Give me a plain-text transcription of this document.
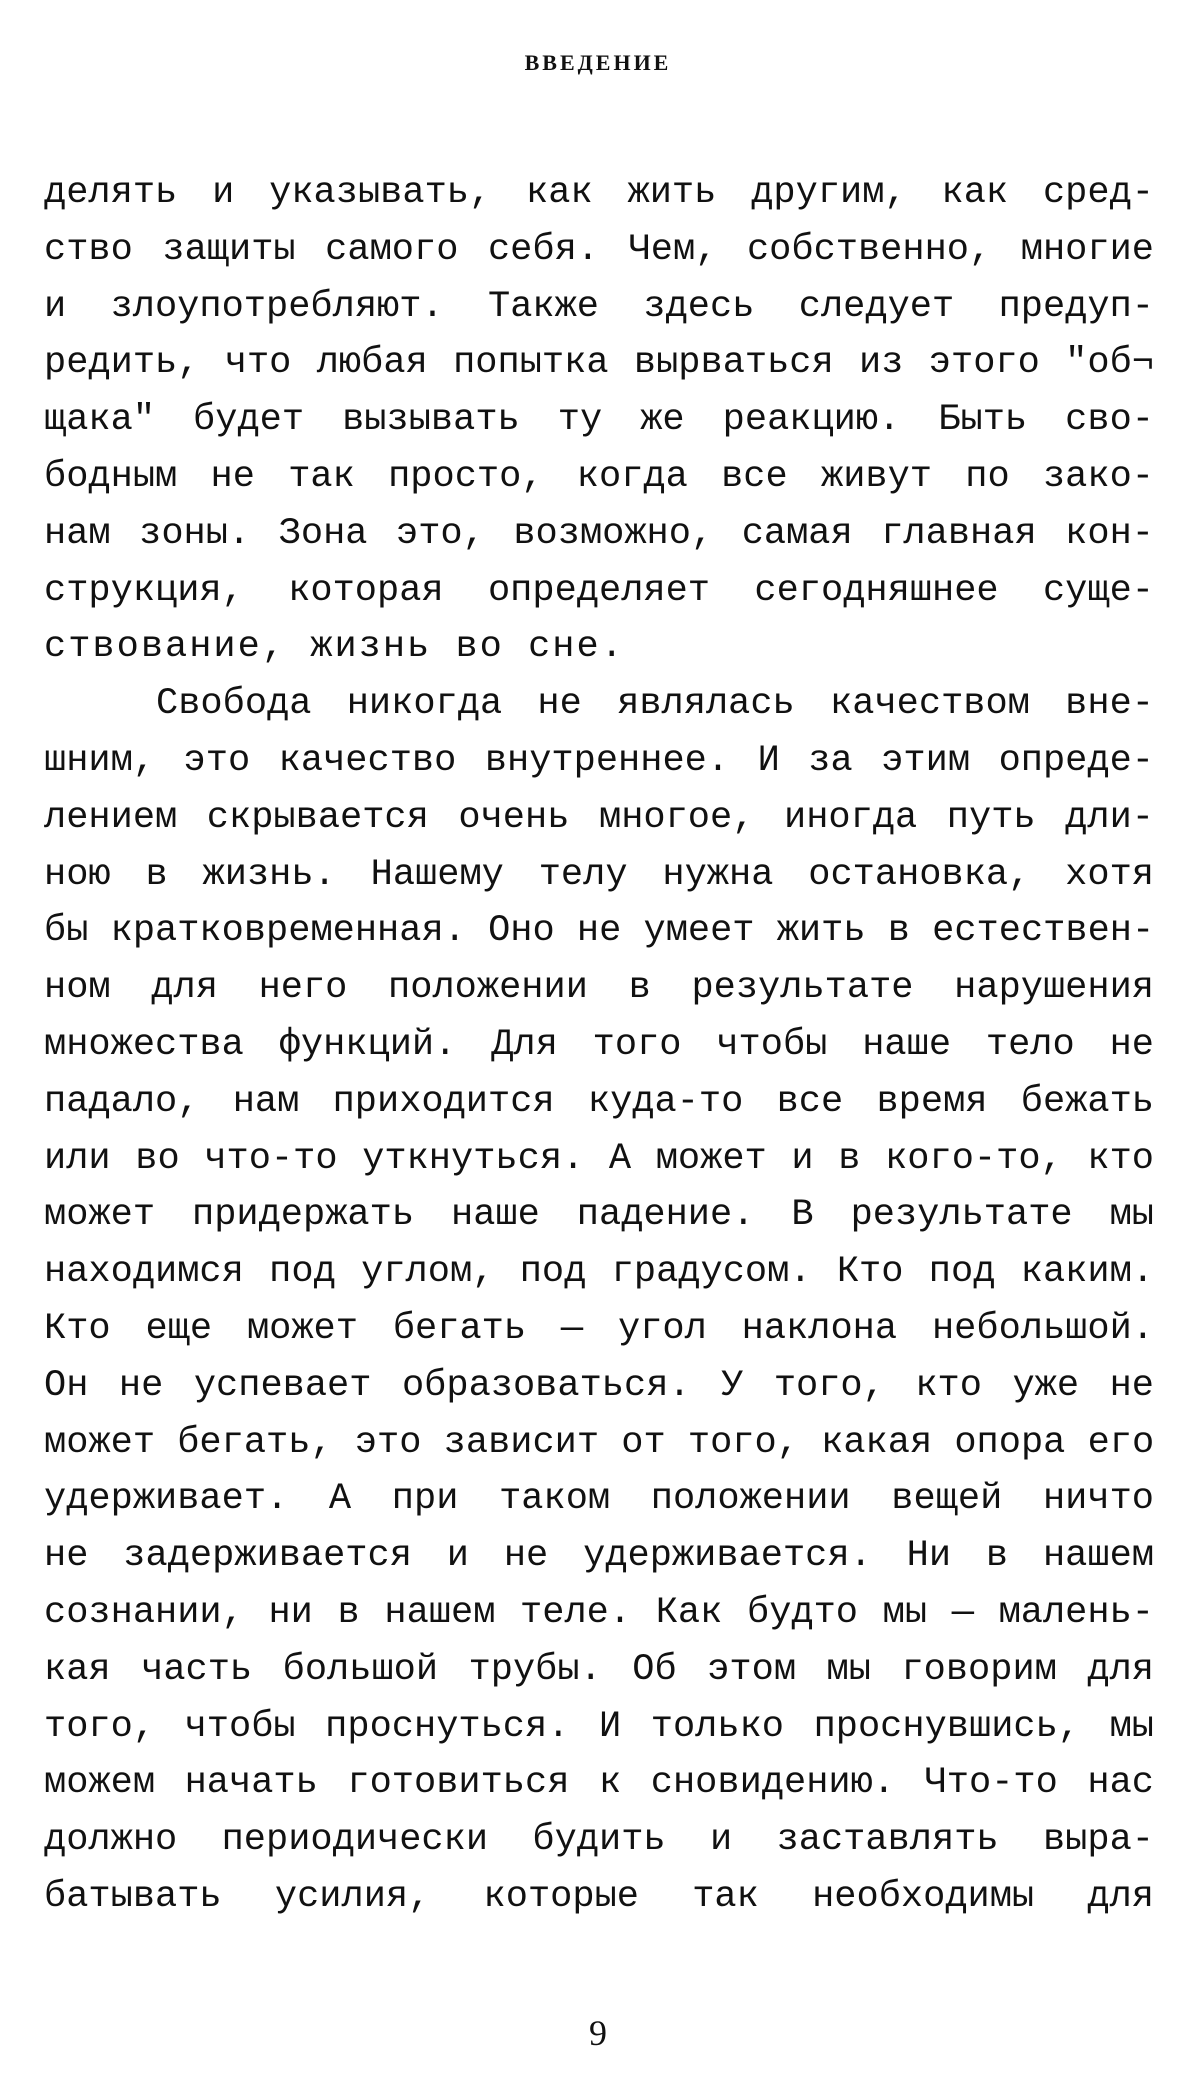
ВВЕДЕНИЕ
делять и указывать, как жить другим, как сред-
ство защиты самого себя. Чем, собственно, многие
и злоупотребляют. Также здесь следует предуп-
редить, что любая попытка вырваться из этого "об¬
щака" будет вызывать ту же реакцию. Быть сво-
бодным не так просто, когда все живут по зако-
нам зоны. Зона это, возможно, самая главная кон-
струкция, которая определяет сегодняшнее суще-
ствование, жизнь во сне.
Свобода никогда не являлась качеством вне-
шним, это качество внутреннее. И за этим опреде-
лением скрывается очень многое, иногда путь дли-
ною в жизнь. Нашему телу нужна остановка, хотя
бы кратковременная. Оно не умеет жить в естествен-
ном для него положении в результате нарушения
множества функций. Для того чтобы наше тело не
падало, нам приходится куда-то все время бежать
или во что-то уткнуться. А может и в кого-то, кто
может придержать наше падение. В результате мы
находимся под углом, под градусом. Кто под каким.
Кто еще может бегать — угол наклона небольшой.
Он не успевает образоваться. У того, кто уже не
может бегать, это зависит от того, какая опора его
удерживает. А при таком положении вещей ничто
не задерживается и не удерживается. Ни в нашем
сознании, ни в нашем теле. Как будто мы — малень-
кая часть большой трубы. Об этом мы говорим для
того, чтобы проснуться. И только проснувшись, мы
можем начать готовиться к сновидению. Что-то нас
должно периодически будить и заставлять выра-
батывать усилия, которые так необходимы для
9
